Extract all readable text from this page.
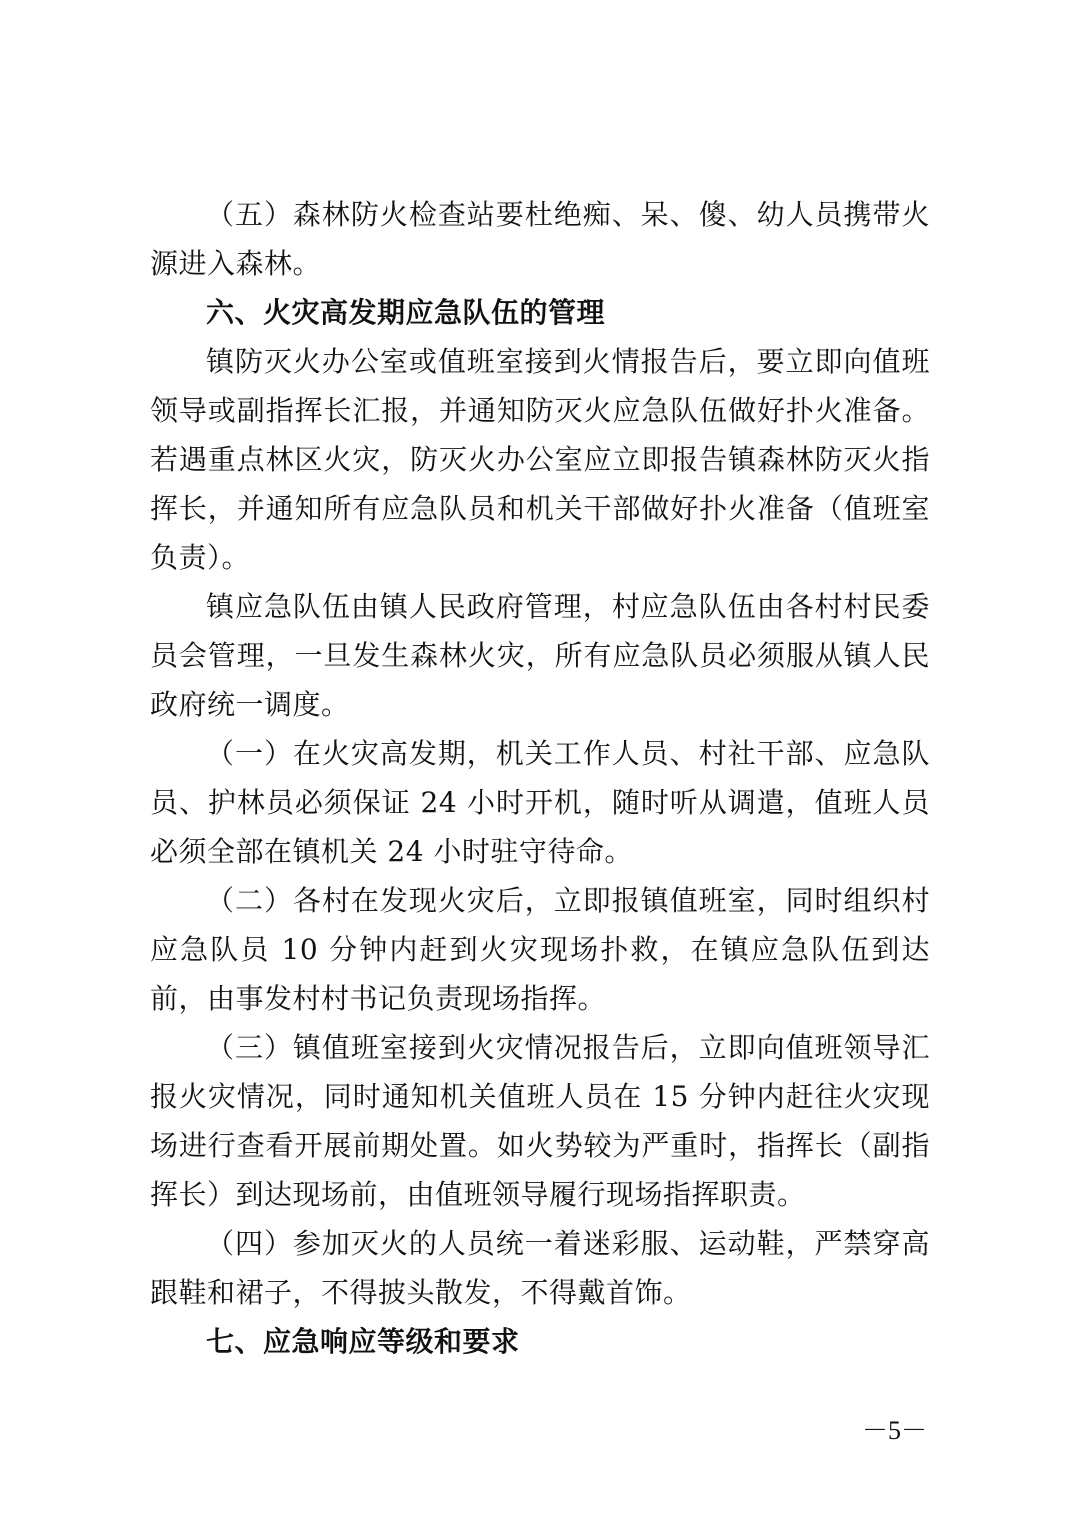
（五）森林防火检查站要杜绝痴、呆、傻、幼人员携带火源进入森林。

六、火灾高发期应急队伍的管理

镇防灭火办公室或值班室接到火情报告后，要立即向值班领导或副指挥长汇报，并通知防灭火应急队伍做好扑火准备。若遇重点林区火灾，防灭火办公室应立即报告镇森林防灭火指挥长，并通知所有应急队员和机关干部做好扑火准备（值班室负责）。

镇应急队伍由镇人民政府管理，村应急队伍由各村村民委员会管理，一旦发生森林火灾，所有应急队员必须服从镇人民政府统一调度。

（一）在火灾高发期，机关工作人员、村社干部、应急队员、护林员必须保证 24 小时开机，随时听从调遣，值班人员必须全部在镇机关 24 小时驻守待命。

（二）各村在发现火灾后，立即报镇值班室，同时组织村应急队员 10 分钟内赶到火灾现场扑救，在镇应急队伍到达前，由事发村村书记负责现场指挥。

（三）镇值班室接到火灾情况报告后，立即向值班领导汇报火灾情况，同时通知机关值班人员在 15 分钟内赶往火灾现场进行查看开展前期处置。如火势较为严重时，指挥长（副指挥长）到达现场前，由值班领导履行现场指挥职责。

（四）参加灭火的人员统一着迷彩服、运动鞋，严禁穿高跟鞋和裙子，不得披头散发，不得戴首饰。

七、应急响应等级和要求

－5－
